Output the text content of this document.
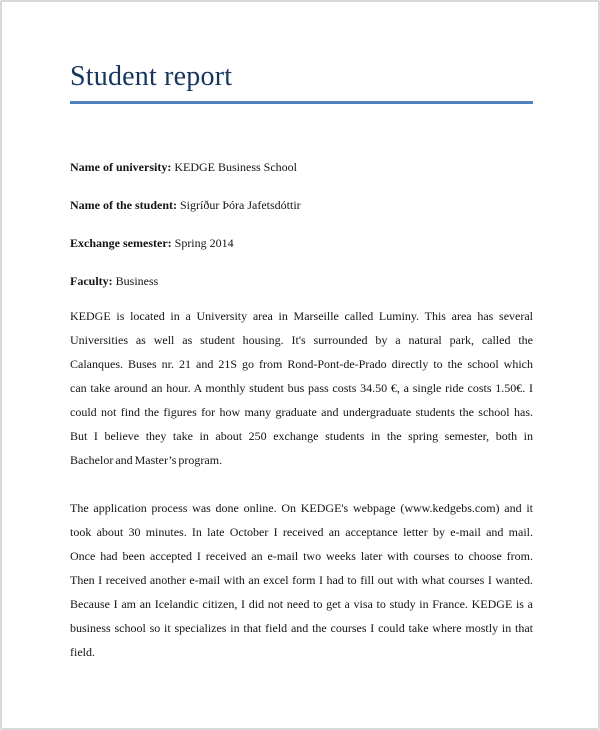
Student report
Name of university: KEDGE Business School
Name of the student: Sigríður Þóra Jafetsdóttir
Exchange semester: Spring 2014
Faculty: Business
KEDGE is located in a University area in Marseille called Luminy. This area has several
Universities as well as student housing. It's surrounded by a natural park, called the
Calanques. Buses nr. 21 and 21S go from Rond-Pont-de-Prado directly to the school which
can take around an hour. A monthly student bus pass costs 34.50 €, a single ride costs 1.50€. I
could not find the figures for how many graduate and undergraduate students the school has.
But I believe they take in about 250 exchange students in the spring semester, both in
Bachelor and Master’s program.
The application process was done online. On KEDGE's webpage (www.kedgebs.com) and it
took about 30 minutes. In late October I received an acceptance letter by e-mail and mail.
Once had been accepted I received an e-mail two weeks later with courses to choose from.
Then I received another e-mail with an excel form I had to fill out with what courses I wanted.
Because I am an Icelandic citizen, I did not need to get a visa to study in France. KEDGE is a
business school so it specializes in that field and the courses I could take where mostly in that
field.
